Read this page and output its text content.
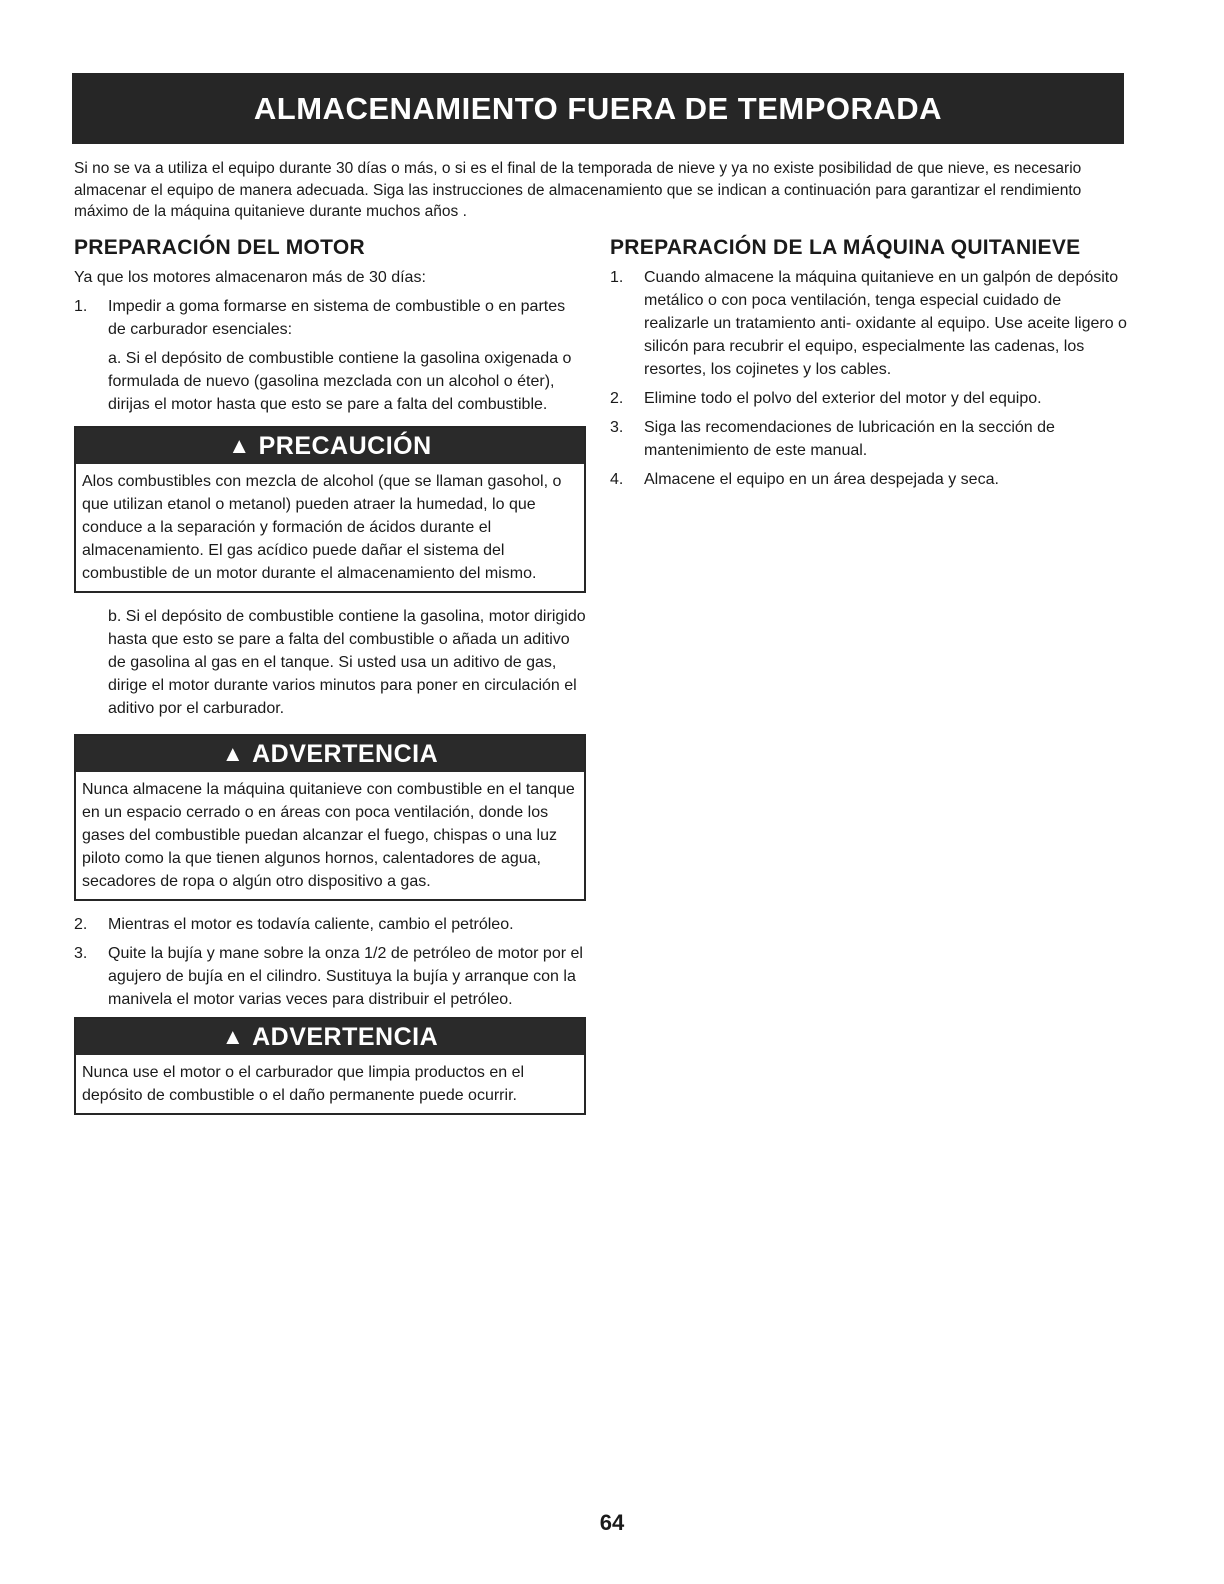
ALMACENAMIENTO FUERA DE TEMPORADA

Si no se va a utiliza el equipo durante 30 días o más, o si es el final de la temporada de nieve y ya no existe posibilidad de que nieve, es necesario almacenar el equipo de manera adecuada. Siga las instrucciones de almacenamiento que se indican a continuación para garantizar el rendimiento máximo de la máquina quitanieve durante muchos años .

PREPARACIÓN DEL MOTOR

Ya que los motores almacenaron más de 30 días:

1.	Impedir a goma formarse en sistema de combustible o en partes de carburador esenciales:

a. Si el depósito de combustible contiene la gasolina oxigenada o formulada de nuevo (gasolina mezclada con un alcohol o éter), dirijas el motor hasta que esto se pare a falta del combustible.

▲ PRECAUCIÓN

Alos combustibles con mezcla de alcohol (que se llaman gasohol, o que utilizan etanol o metanol) pueden atraer la humedad, lo que conduce a la separación y formación de ácidos durante el almacenamiento. El gas acídico puede dañar el sistema del combustible de un motor durante el almacenamiento del mismo.

b. Si el depósito de combustible contiene la gasolina, motor dirigido hasta que esto se pare a falta del combustible o añada un aditivo de gasolina al gas en el tanque. Si usted usa un aditivo de gas, dirige el motor durante varios minutos para poner en circulación el aditivo por el carburador.

▲ ADVERTENCIA

Nunca almacene la máquina quitanieve con combustible en el tanque en un espacio cerrado o en áreas con poca ventilación, donde los gases del combustible puedan alcanzar el fuego, chispas o una luz piloto como la que tienen algunos hornos, calentadores de agua, secadores de ropa o algún otro dispositivo a gas.

2.	Mientras el motor es todavía caliente, cambio el petróleo.
3.	Quite la bujía y mane sobre la onza 1/2 de petróleo de motor por el agujero de bujía en el cilindro. Sustituya la bujía y arranque con la manivela el motor varias veces para distribuir el petróleo.
▲ ADVERTENCIA

Nunca use el motor o el carburador que limpia productos en el depósito de combustible o el daño permanente puede ocurrir.

PREPARACIÓN DE LA MÁQUINA QUITANIEVE
1.	Cuando almacene la máquina quitanieve en un galpón de depósito metálico o con poca ventilación, tenga especial cuidado de realizarle un tratamiento anti- oxidante al equipo. Use aceite ligero o silicón para recubrir el equipo, especialmente las cadenas, los resortes, los cojinetes y los cables.
2.	Elimine todo el polvo del exterior del motor y del equipo.
3.	Siga las recomendaciones de lubricación en la sección de mantenimiento de este manual.
4.	Almacene el equipo en un área despejada y seca.
64
